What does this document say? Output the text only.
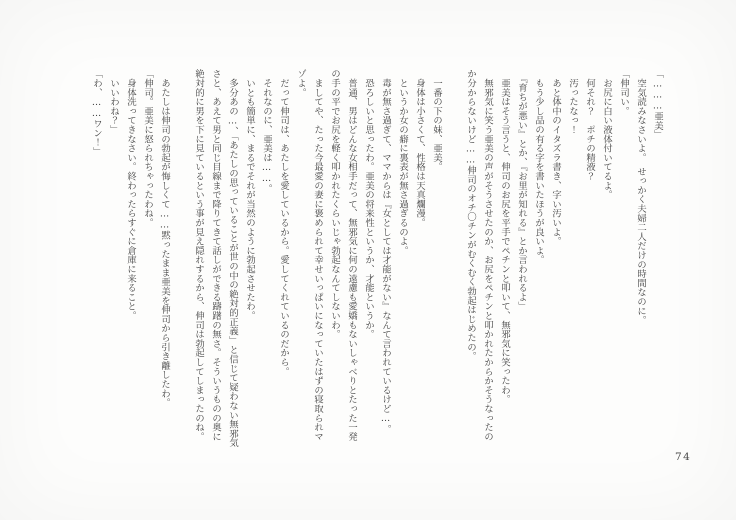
「………亜美」

　空気読みなさいよ。　せっかく夫婦二人だけの時間なのに。

「伸司い。

　お尻に白い液体付いてるよ。

　何それ？　ポチの精液？

　汚ったなっ！

　あと体中のイタズラ書き、字い汚いよ。

　もう少し品の有る字を書いたほうが良いよ。

　『育ちが悪い』とか、『お里が知れる』とか言われるよ」

　亜美はそう言うと、伸司のお尻を平手でペチンと叩いて、無邪気に笑ったわ。

　無邪気に笑う亜美の声がそうさせたのか、お尻をペチンと叩かれたからかそうなったの

か分からないけど……伸司のオチ〇チンがむくむく勃起はじめたの。

　一番の下の妹、亜美。

　身体は小さくて、性格は天真爛漫。

　というか女の癖に裏表が無さ過ぎるのよ。

　毒が無さ過ぎて、ママからは『女としては才能がない』なんて言われているけど…。

　恐ろしいと思ったわ。亜美の将来性というか、才能というか。

　普通、男はどんな女相手だって、無邪気に何の遠慮も愛嬌もないしゃべりとたった一発

の手の平でお尻を軽く叩かれたくらいじゃ勃起なんてしないわ。

　ましてや、たった今最愛の妻に褒められて幸せいっぱいになっていたはずの寝取られマ

ゾよ。

　だって伸司は、あたしを愛しているから。愛してくれているのだから。

　それなのに、亜美は……。

　いとも簡単に、まるでそれが当然のように勃起させたわ。

　多分あの…、「あたしの思っていることが世の中の絶対的正義」と信じて疑わない無邪気

さと、あえて男と同じ目線まで降りてきて話しができる躊躇の無さ。そういうものの奥に

絶対的に男を下に見ているという事が見え隠れするから、伸司は勃起してしまったのね。

　あたしは伸司の勃起が悔しくて……黙ったまま亜美を伸司から引き離したわ。

「伸司。亜美に怒られちゃったわね。

　身体洗ってきなさい。終わったらすぐに倉庫に来ること。

　いいわね？」

「わ、……ワン！」

74
